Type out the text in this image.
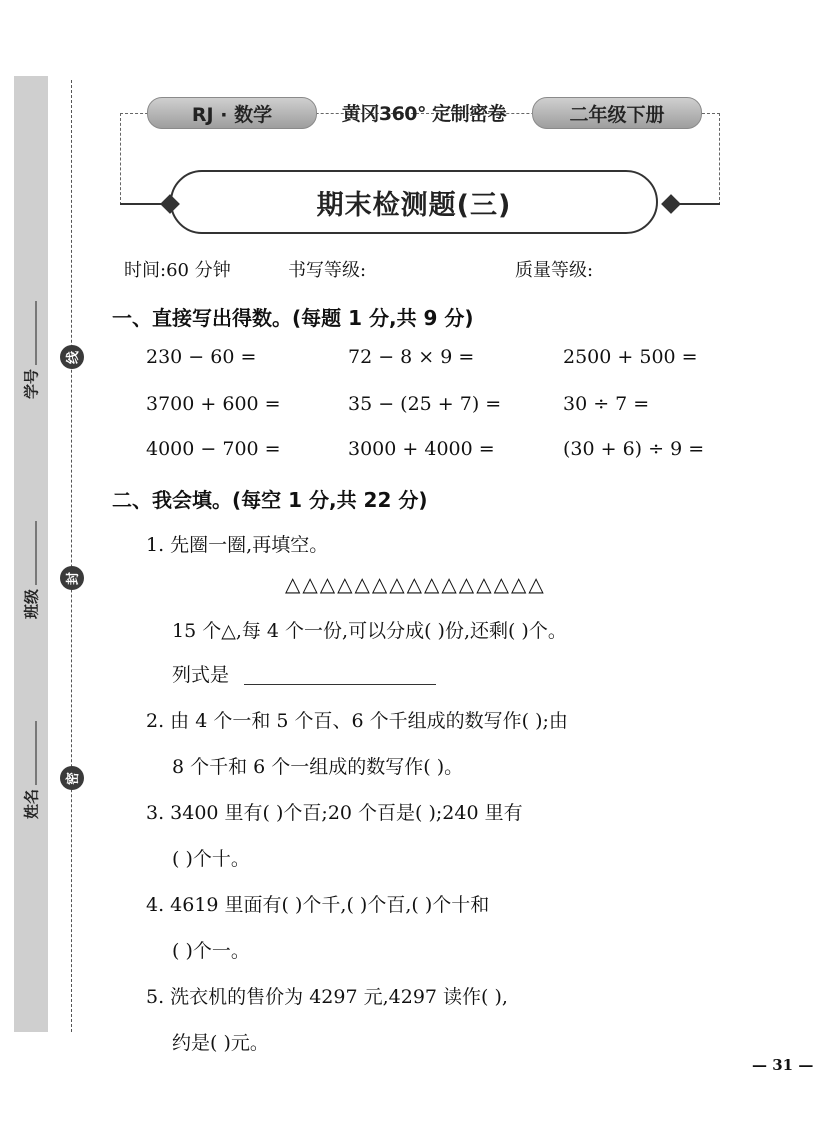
学号
班级
姓名
线
封
密
RJ · 数学	黄冈360° 定制密卷	二年级下册
期末检测题(三)
时间:60 分钟	书写等级:	质量等级:
一、直接写出得数。(每题 1 分,共 9 分)
230 − 60 =	72 − 8 × 9 =	2500 + 500 =
3700 + 600 =	35 − (25 + 7) =	30 ÷ 7 =
4000 − 700 =	3000 + 4000 =	(30 + 6) ÷ 9 =
二、我会填。(每空 1 分,共 22 分)
1. 先圈一圈,再填空。
△△△△△△△△△△△△△△△
15 个△,每 4 个一份,可以分成( )份,还剩( )个。
列式是
2. 由 4 个一和 5 个百、6 个千组成的数写作( );由
8 个千和 6 个一组成的数写作( )。
3. 3400 里有( )个百;20 个百是( );240 里有
( )个十。
4. 4619 里面有( )个千,( )个百,( )个十和
( )个一。
5. 洗衣机的售价为 4297 元,4297 读作( ),
约是( )元。
— 31 —
